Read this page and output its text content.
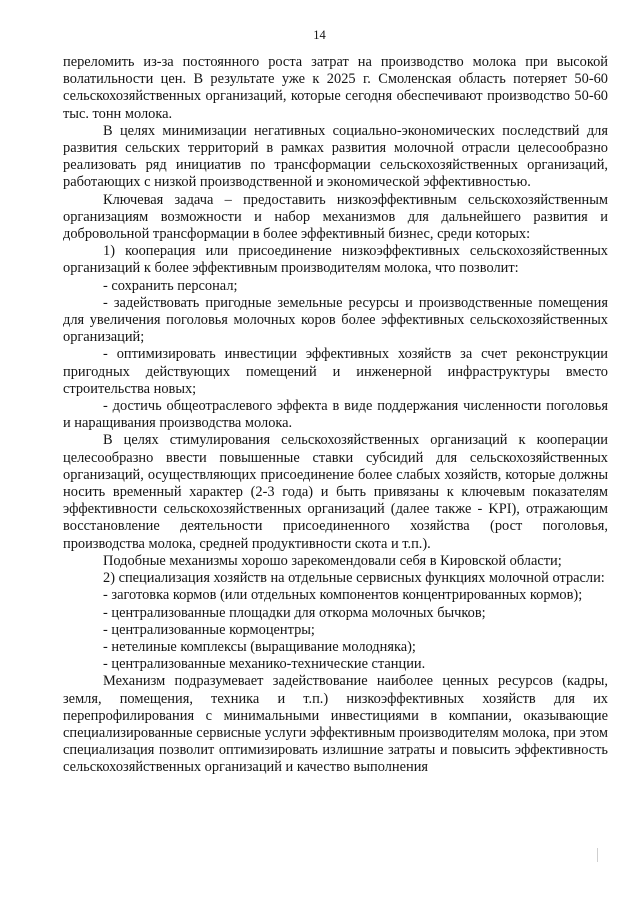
14

переломить из-за постоянного роста затрат на производство молока при высокой волатильности цен. В результате уже к 2025 г. Смоленская область потеряет 50-60 сельскохозяйственных организаций, которые сегодня обеспечивают производство 50-60 тыс. тонн молока.

В целях минимизации негативных социально-экономических последствий для развития сельских территорий в рамках развития молочной отрасли целесообразно реализовать ряд инициатив по трансформации сельскохозяйственных организаций, работающих с низкой производственной и экономической эффективностью.

Ключевая задача – предоставить низкоэффективным сельскохозяйственным организациям возможности и набор механизмов для дальнейшего развития и добровольной трансформации в более эффективный бизнес, среди которых:

1) кооперация или присоединение низкоэффективных сельскохозяйственных организаций к более эффективным производителям молока, что позволит:

- сохранить персонал;

- задействовать пригодные земельные ресурсы и производственные помещения для увеличения поголовья молочных коров более эффективных сельскохозяйственных организаций;

- оптимизировать инвестиции эффективных хозяйств за счет реконструкции пригодных действующих помещений и инженерной инфраструктуры вместо строительства новых;

- достичь общеотраслевого эффекта в виде поддержания численности поголовья и наращивания производства молока.

В целях стимулирования сельскохозяйственных организаций к кооперации целесообразно ввести повышенные ставки субсидий для сельскохозяйственных организаций, осуществляющих присоединение более слабых хозяйств, которые должны носить временный характер (2-3 года) и быть привязаны к ключевым показателям эффективности сельскохозяйственных организаций (далее также - KPI), отражающим восстановление деятельности присоединенного хозяйства (рост поголовья, производства молока, средней продуктивности скота и т.п.).

Подобные механизмы хорошо зарекомендовали себя в Кировской области;

2) специализация хозяйств на отдельные сервисных функциях молочной отрасли:

- заготовка кормов (или отдельных компонентов концентрированных кормов);

- централизованные площадки для откорма молочных бычков;

- централизованные кормоцентры;

- нетелиные комплексы (выращивание молодняка);

- централизованные механико-технические станции.

Механизм подразумевает задействование наиболее ценных ресурсов (кадры, земля, помещения, техника и т.п.) низкоэффективных хозяйств для их перепрофилирования с минимальными инвестициями в компании, оказывающие специализированные сервисные услуги эффективным производителям молока, при этом специализация позволит оптимизировать излишние затраты и повысить эффективность сельскохозяйственных организаций и качество выполнения
